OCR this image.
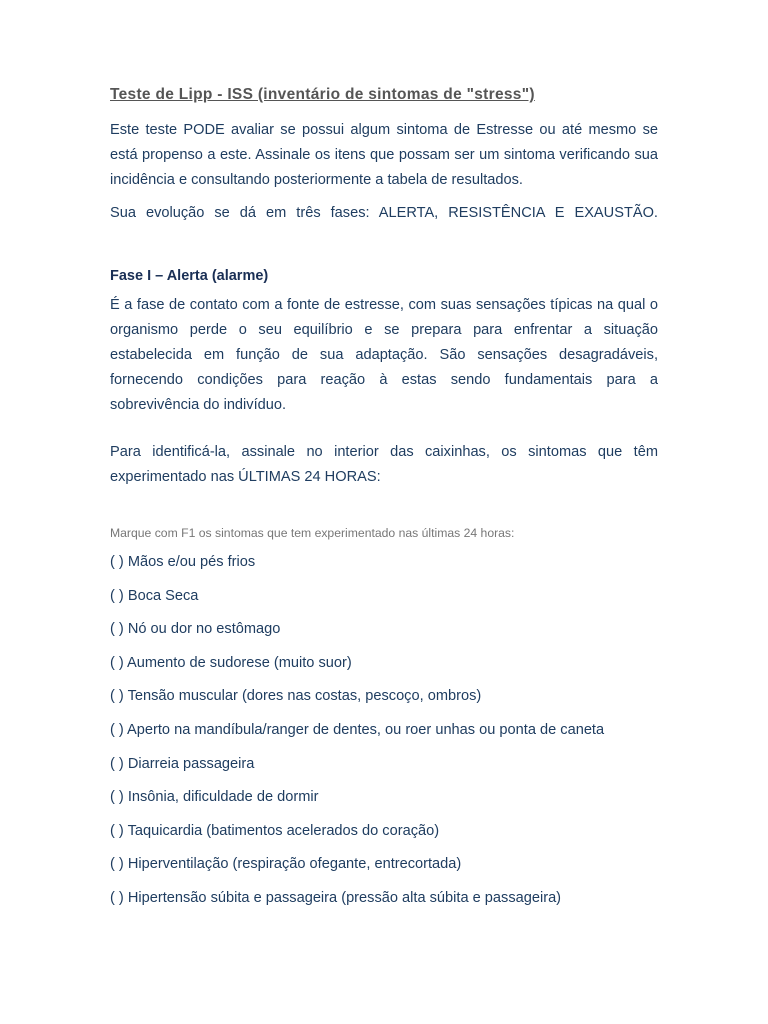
Teste de Lipp - ISS (inventário de sintomas de "stress")

Este teste PODE avaliar se possui algum sintoma de Estresse ou até mesmo se está propenso a este. Assinale os itens que possam ser um sintoma verificando sua incidência e consultando posteriormente a tabela de resultados.

Sua evolução se dá em três fases: ALERTA, RESISTÊNCIA E EXAUSTÃO.

Fase I – Alerta (alarme)

É a fase de contato com a fonte de estresse, com suas sensações típicas na qual o organismo perde o seu equilíbrio e se prepara para enfrentar a situação estabelecida em função de sua adaptação. São sensações desagradáveis, fornecendo condições para reação à estas sendo fundamentais para a sobrevivência do indivíduo.

Para identificá-la, assinale no interior das caixinhas, os sintomas que têm experimentado nas ÚLTIMAS 24 HORAS:

Marque com F1 os sintomas que tem experimentado nas últimas 24 horas:

( ) Mãos e/ou pés frios
( ) Boca Seca
( ) Nó ou dor no estômago
( ) Aumento de sudorese (muito suor)
( ) Tensão muscular (dores nas costas, pescoço, ombros)
( ) Aperto na mandíbula/ranger de dentes, ou roer unhas ou ponta de caneta
( ) Diarreia passageira
( ) Insônia, dificuldade de dormir
( ) Taquicardia (batimentos acelerados do coração)
( ) Hiperventilação (respiração ofegante, entrecortada)
( ) Hipertensão súbita e passageira (pressão alta súbita e passageira)
